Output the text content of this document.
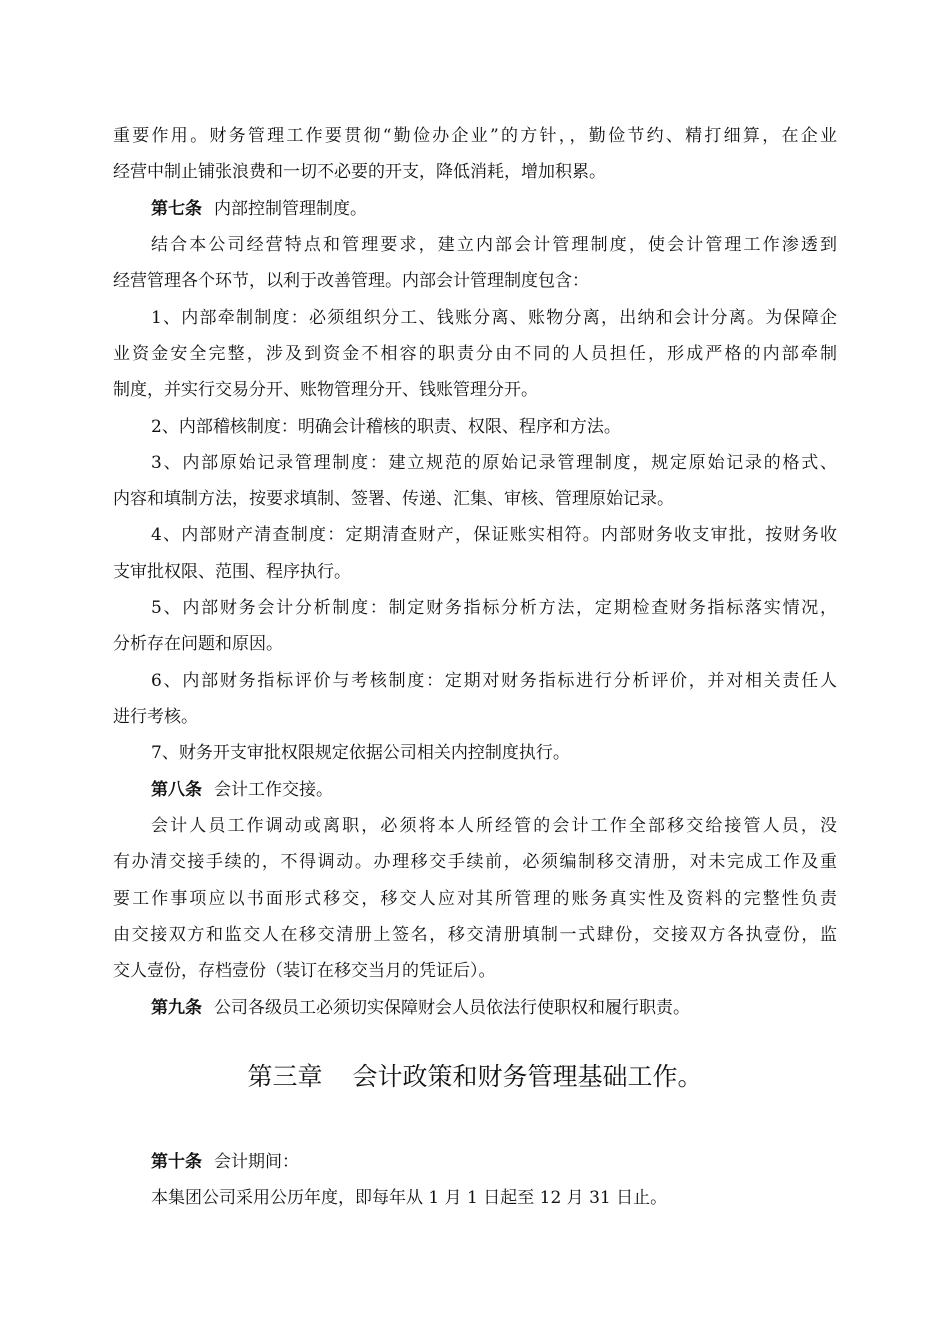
重要作用。财务管理工作要贯彻“勤俭办企业”的方针，，勤俭节约、精打细算，在企业
经营中制止铺张浪费和一切不必要的开支，降低消耗，增加积累。
第七条 内部控制管理制度。
结合本公司经营特点和管理要求，建立内部会计管理制度，使会计管理工作渗透到
经营管理各个环节，以利于改善管理。内部会计管理制度包含：
1、内部牵制制度：必须组织分工、钱账分离、账物分离，出纳和会计分离。为保障企
业资金安全完整，涉及到资金不相容的职责分由不同的人员担任，形成严格的内部牵制
制度，并实行交易分开、账物管理分开、钱账管理分开。
2、内部稽核制度：明确会计稽核的职责、权限、程序和方法。
3、内部原始记录管理制度：建立规范的原始记录管理制度，规定原始记录的格式、
内容和填制方法，按要求填制、签署、传递、汇集、审核、管理原始记录。
4、内部财产清查制度：定期清查财产，保证账实相符。内部财务收支审批，按财务收
支审批权限、范围、程序执行。
5、内部财务会计分析制度：制定财务指标分析方法，定期检查财务指标落实情况，
分析存在问题和原因。
6、内部财务指标评价与考核制度：定期对财务指标进行分析评价，并对相关责任人
进行考核。
7、财务开支审批权限规定依据公司相关内控制度执行。
第八条 会计工作交接。
会计人员工作调动或离职，必须将本人所经管的会计工作全部移交给接管人员，没
有办清交接手续的，不得调动。办理移交手续前，必须编制移交清册，对未完成工作及重
要工作事项应以书面形式移交，移交人应对其所管理的账务真实性及资料的完整性负责
由交接双方和监交人在移交清册上签名，移交清册填制一式肆份，交接双方各执壹份，监
交人壹份，存档壹份（装订在移交当月的凭证后）。
第九条 公司各级员工必须切实保障财会人员依法行使职权和履行职责。
第三章 会计政策和财务管理基础工作。
第十条 会计期间：
本集团公司采用公历年度，即每年从 1 月 1 日起至 12 月 31 日止。
